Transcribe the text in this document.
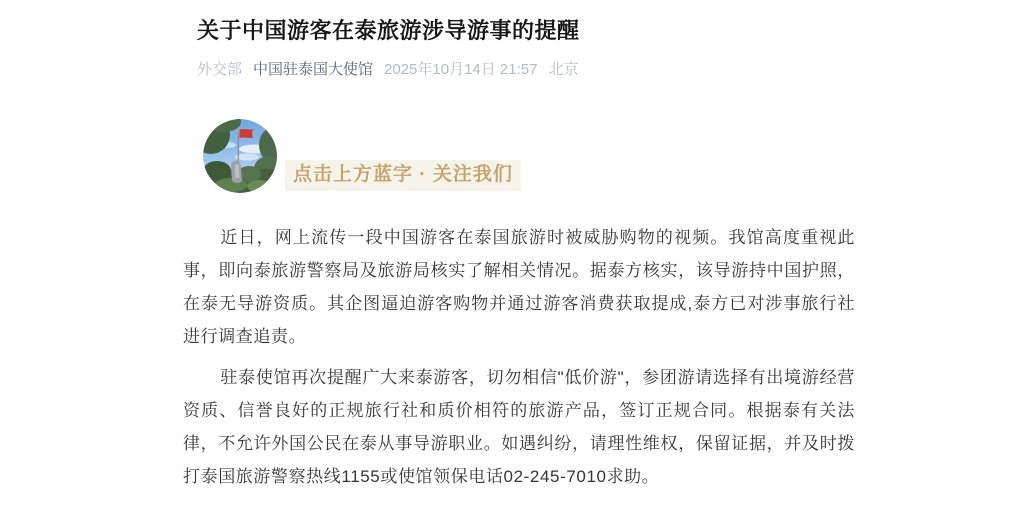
关于中国游客在泰旅游涉导游事的提醒
外交部 中国驻泰国大使馆 2025年10月14日 21:57 北京
点击上方蓝字 · 关注我们

近日，网上流传一段中国游客在泰国旅游时被威胁购物的视频。我馆高度重视此事，即向泰旅游警察局及旅游局核实了解相关情况。据泰方核实，该导游持中国护照，在泰无导游资质。其企图逼迫游客购物并通过游客消费获取提成,泰方已对涉事旅行社进行调查追责。

驻泰使馆再次提醒广大来泰游客，切勿相信"低价游"，参团游请选择有出境游经营资质、信誉良好的正规旅行社和质价相符的旅游产品，签订正规合同。根据泰有关法律，不允许外国公民在泰从事导游职业。如遇纠纷，请理性维权，保留证据，并及时拨打泰国旅游警察热线1155或使馆领保电话02-245-7010求助。
